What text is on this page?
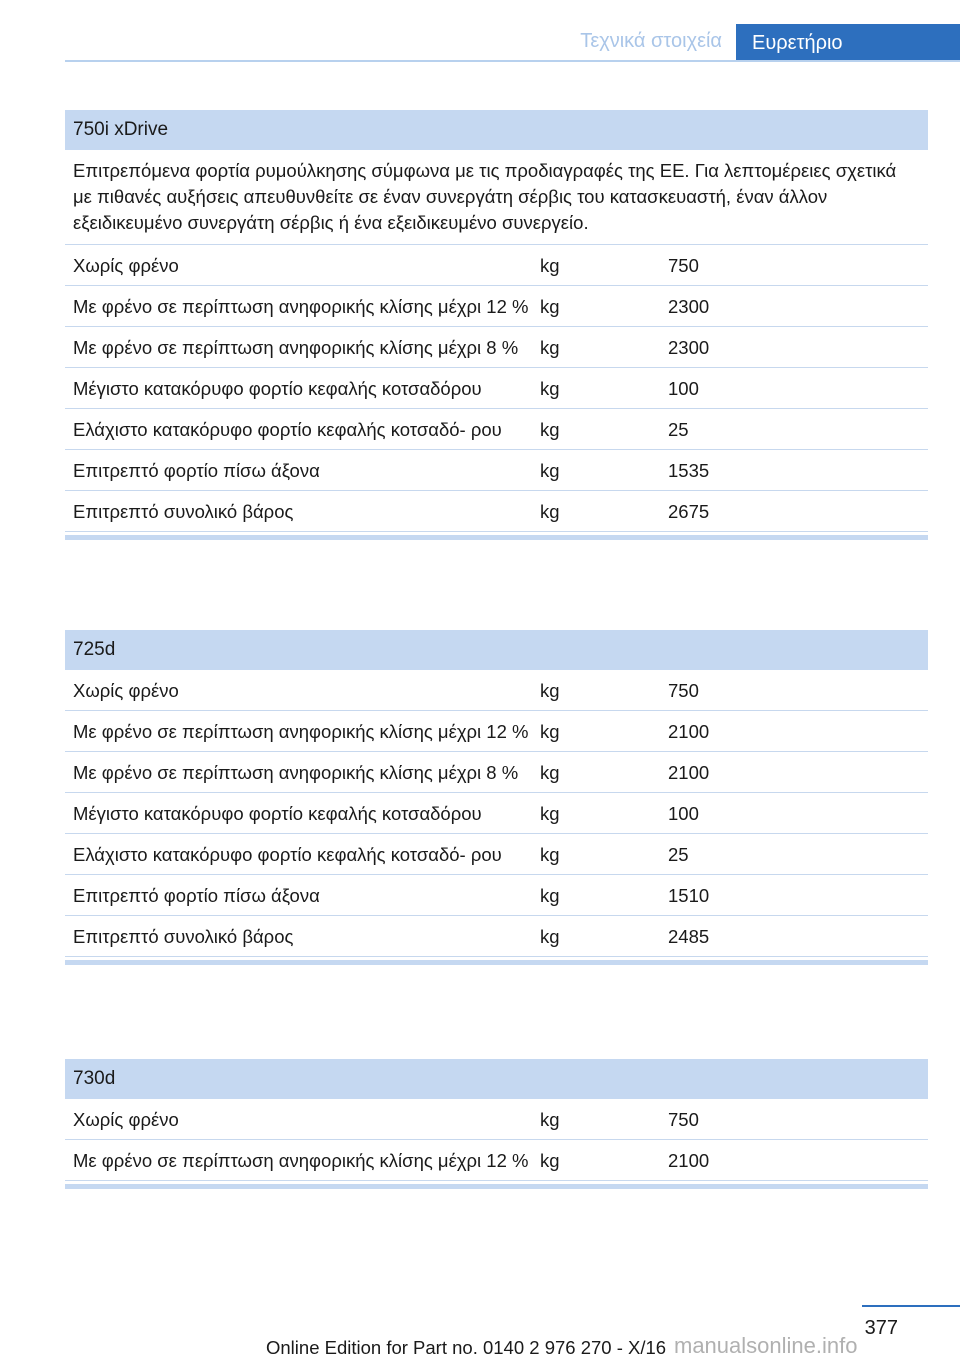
Τεχνικά στοιχεία	Ευρετήριο
750i xDrive
Επιτρεπόμενα φορτία ρυμούλκησης σύμφωνα με τις προδιαγραφές της ΕΕ. Για λεπτομέρειες σχετικά με πιθανές αυξήσεις απευθυνθείτε σε έναν συνεργάτη σέρβις του κατασκευαστή, έναν άλλον εξειδικευμένο συνεργάτη σέρβις ή ένα εξειδικευμένο συνεργείο.
Χωρίς φρένο	kg	750
Με φρένο σε περίπτωση ανηφορικής κλίσης μέχρι 12 % kg	2300
Με φρένο σε περίπτωση ανηφορικής κλίσης μέχρι 8 %	kg	2300
Μέγιστο κατακόρυφο φορτίο κεφαλής κοτσαδόρου	kg	100
Ελάχιστο κατακόρυφο φορτίο κεφαλής κοτσαδό- ρου	kg	25
Επιτρεπτό φορτίο πίσω άξονα	kg	1535
Επιτρεπτό συνολικό βάρος	kg	2675
725d
Χωρίς φρένο	kg	750
Με φρένο σε περίπτωση ανηφορικής κλίσης μέχρι 12 % kg	2100
Με φρένο σε περίπτωση ανηφορικής κλίσης μέχρι 8 %	kg	2100
Μέγιστο κατακόρυφο φορτίο κεφαλής κοτσαδόρου	kg	100
Ελάχιστο κατακόρυφο φορτίο κεφαλής κοτσαδό- ρου	kg	25
Επιτρεπτό φορτίο πίσω άξονα	kg	1510
Επιτρεπτό συνολικό βάρος	kg	2485
730d
Χωρίς φρένο	kg	750
Με φρένο σε περίπτωση ανηφορικής κλίσης μέχρι 12 % kg	2100
377
Online Edition for Part no. 0140 2 976 270 - X/16 manualsonline.info
